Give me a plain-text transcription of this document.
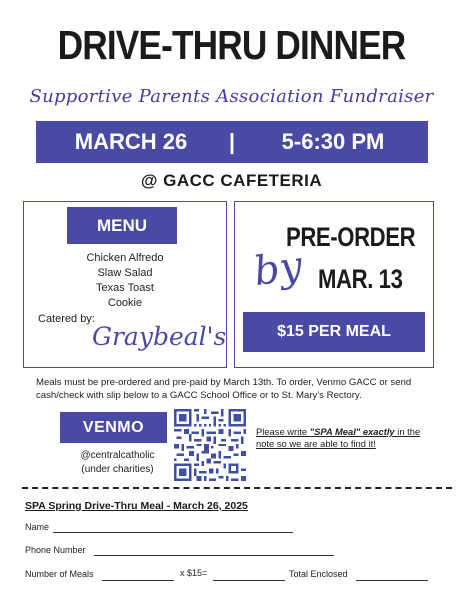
DRIVE-THRU DINNER
Supportive Parents Association Fundraiser
MARCH 26	|	5-6:30 PM
@ GACC CAFETERIA
MENU
Chicken Alfredo
Slaw Salad
Texas Toast
Cookie
Catered by:
Graybeal's
PRE-ORDER
by MAR. 13
$15 PER MEAL
Meals must be pre-ordered and pre-paid by March 13th. To order, Venmo GACC or send cash/check with slip below to a GACC School Office or to St. Mary's Rectory.
VENMO
@centralcatholic
(under charities)
Please write "SPA Meal" exactly in the note so we are able to find it!
SPA Spring Drive-Thru Meal - March 26, 2025
Name
Phone Number
Number of Meals	x $15=	Total Enclosed
